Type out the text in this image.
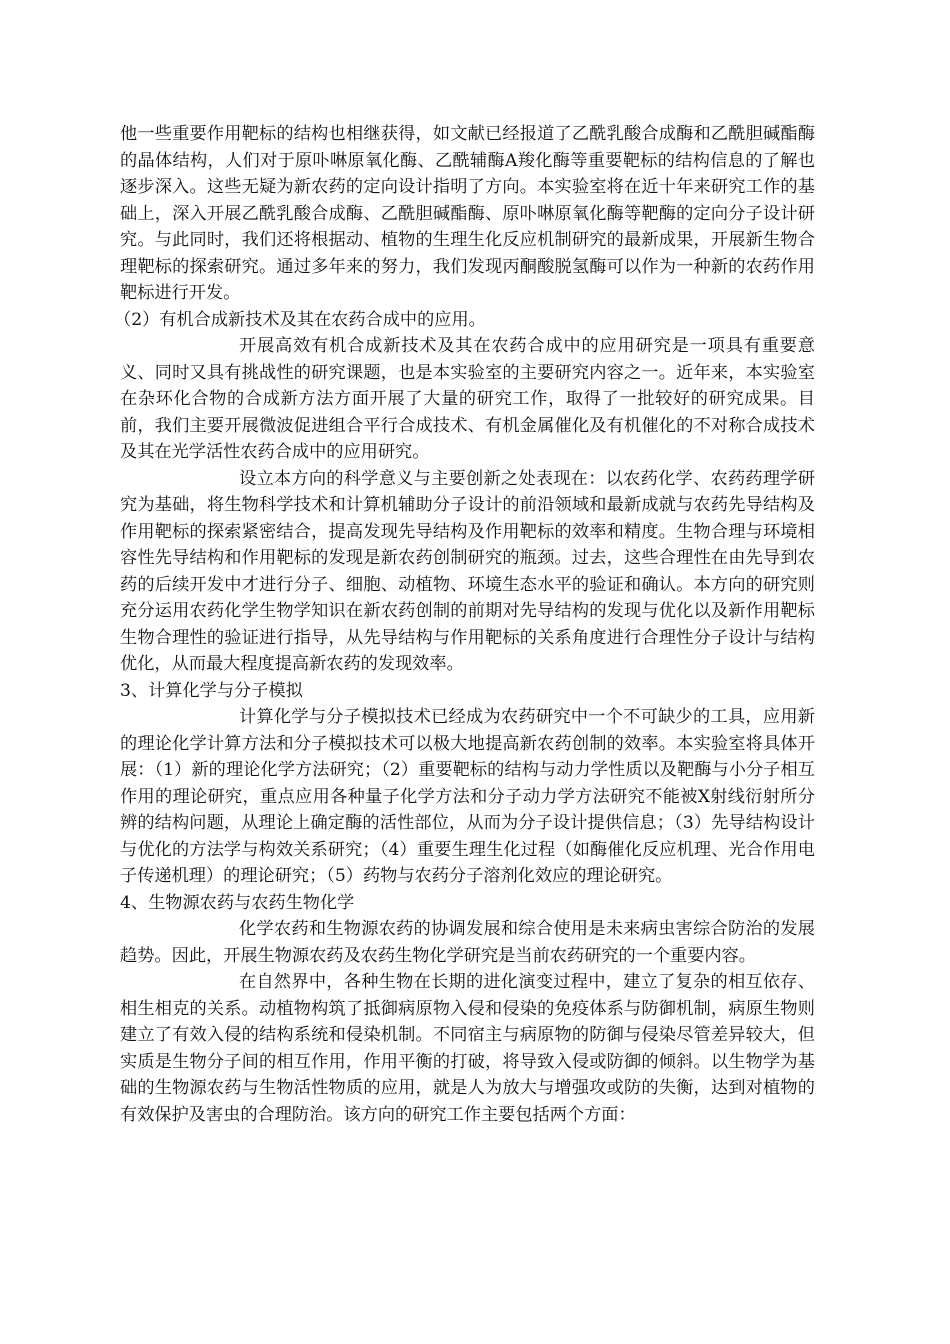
他一些重要作用靶标的结构也相继获得，如文献已经报道了乙酰乳酸合成酶和乙酰胆碱酯酶的晶体结构，人们对于原卟啉原氧化酶、乙酰辅酶A羧化酶等重要靶标的结构信息的了解也逐步深入。这些无疑为新农药的定向设计指明了方向。本实验室将在近十年来研究工作的基础上，深入开展乙酰乳酸合成酶、乙酰胆碱酯酶、原卟啉原氧化酶等靶酶的定向分子设计研究。与此同时，我们还将根据动、植物的生理生化反应机制研究的最新成果，开展新生物合理靶标的探索研究。通过多年来的努力，我们发现丙酮酸脱氢酶可以作为一种新的农药作用靶标进行开发。

（2）有机合成新技术及其在农药合成中的应用。

开展高效有机合成新技术及其在农药合成中的应用研究是一项具有重要意义、同时又具有挑战性的研究课题，也是本实验室的主要研究内容之一。近年来，本实验室在杂环化合物的合成新方法方面开展了大量的研究工作，取得了一批较好的研究成果。目前，我们主要开展微波促进组合平行合成技术、有机金属催化及有机催化的不对称合成技术及其在光学活性农药合成中的应用研究。

设立本方向的科学意义与主要创新之处表现在：以农药化学、农药药理学研究为基础，将生物科学技术和计算机辅助分子设计的前沿领域和最新成就与农药先导结构及作用靶标的探索紧密结合，提高发现先导结构及作用靶标的效率和精度。生物合理与环境相容性先导结构和作用靶标的发现是新农药创制研究的瓶颈。过去，这些合理性在由先导到农药的后续开发中才进行分子、细胞、动植物、环境生态水平的验证和确认。本方向的研究则充分运用农药化学生物学知识在新农药创制的前期对先导结构的发现与优化以及新作用靶标生物合理性的验证进行指导，从先导结构与作用靶标的关系角度进行合理性分子设计与结构优化，从而最大程度提高新农药的发现效率。

3、计算化学与分子模拟

计算化学与分子模拟技术已经成为农药研究中一个不可缺少的工具，应用新的理论化学计算方法和分子模拟技术可以极大地提高新农药创制的效率。本实验室将具体开展：（1）新的理论化学方法研究；（2）重要靶标的结构与动力学性质以及靶酶与小分子相互作用的理论研究，重点应用各种量子化学方法和分子动力学方法研究不能被X射线衍射所分辨的结构问题，从理论上确定酶的活性部位，从而为分子设计提供信息；（3）先导结构设计与优化的方法学与构效关系研究；（4）重要生理生化过程（如酶催化反应机理、光合作用电子传递机理）的理论研究；（5）药物与农药分子溶剂化效应的理论研究。

4、生物源农药与农药生物化学

化学农药和生物源农药的协调发展和综合使用是未来病虫害综合防治的发展趋势。因此，开展生物源农药及农药生物化学研究是当前农药研究的一个重要内容。

在自然界中，各种生物在长期的进化演变过程中，建立了复杂的相互依存、相生相克的关系。动植物构筑了抵御病原物入侵和侵染的免疫体系与防御机制，病原生物则建立了有效入侵的结构系统和侵染机制。不同宿主与病原物的防御与侵染尽管差异较大，但实质是生物分子间的相互作用，作用平衡的打破，将导致入侵或防御的倾斜。以生物学为基础的生物源农药与生物活性物质的应用，就是人为放大与增强攻或防的失衡，达到对植物的有效保护及害虫的合理防治。该方向的研究工作主要包括两个方面：
